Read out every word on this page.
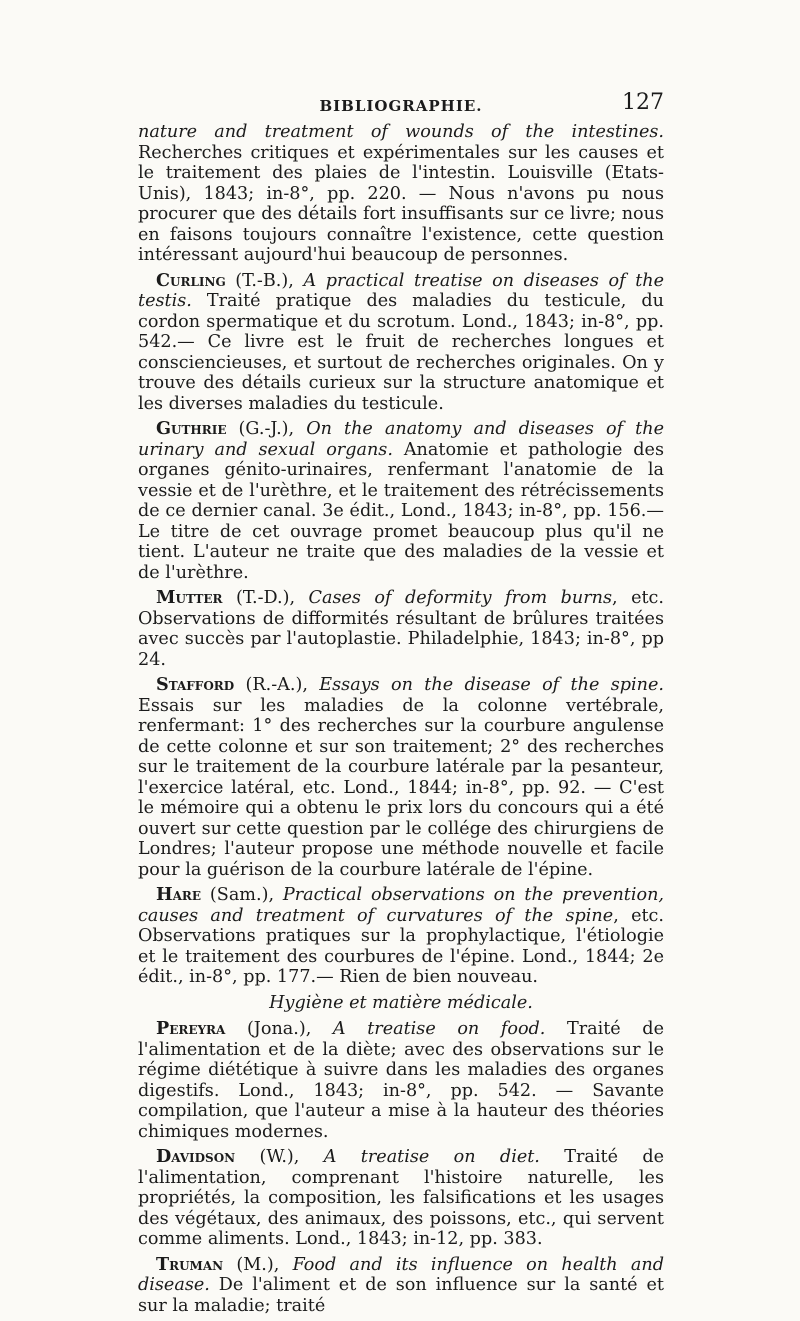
BIBLIOGRAPHIE.	127

nature and treatment of wounds of the intestines. Recherches critiques et expérimentales sur les causes et le traitement des plaies de l'intestin. Louisville (Etats-Unis), 1843; in-8°, pp. 220. — Nous n'avons pu nous procurer que des détails fort insuffisants sur ce livre; nous en faisons toujours connaître l'existence, cette question intéressant aujourd'hui beaucoup de personnes.

Curling (T.-B.), A practical treatise on diseases of the testis. Traité pratique des maladies du testicule, du cordon spermatique et du scrotum. Lond., 1843; in-8°, pp. 542.— Ce livre est le fruit de recherches longues et consciencieuses, et surtout de recherches originales. On y trouve des détails curieux sur la structure anatomique et les diverses maladies du testicule.

Guthrie (G.-J.), On the anatomy and diseases of the urinary and sexual organs. Anatomie et pathologie des organes génito-urinaires, renfermant l'anatomie de la vessie et de l'urèthre, et le traitement des rétrécissements de ce dernier canal. 3e édit., Lond., 1843; in-8°, pp. 156.— Le titre de cet ouvrage promet beaucoup plus qu'il ne tient. L'auteur ne traite que des maladies de la vessie et de l'urèthre.

Mutter (T.-D.), Cases of deformity from burns, etc. Observations de difformités résultant de brûlures traitées avec succès par l'autoplastie. Philadelphie, 1843; in-8°, pp 24.

Stafford (R.-A.), Essays on the disease of the spine. Essais sur les maladies de la colonne vertébrale, renfermant: 1° des recherches sur la courbure angulense de cette colonne et sur son traitement; 2° des recherches sur le traitement de la courbure latérale par la pesanteur, l'exercice latéral, etc. Lond., 1844; in-8°, pp. 92. — C'est le mémoire qui a obtenu le prix lors du concours qui a été ouvert sur cette question par le collége des chirurgiens de Londres; l'auteur propose une méthode nouvelle et facile pour la guérison de la courbure latérale de l'épine.

Hare (Sam.), Practical observations on the prevention, causes and treatment of curvatures of the spine, etc. Observations pratiques sur la prophylactique, l'étiologie et le traitement des courbures de l'épine. Lond., 1844; 2e édit., in-8°, pp. 177.— Rien de bien nouveau.

Hygiène et matière médicale.

Pereyra (Jona.), A treatise on food. Traité de l'alimentation et de la diète; avec des observations sur le régime diététique à suivre dans les maladies des organes digestifs. Lond., 1843; in-8°, pp. 542. — Savante compilation, que l'auteur a mise à la hauteur des théories chimiques modernes.

Davidson (W.), A treatise on diet. Traité de l'alimentation, comprenant l'histoire naturelle, les propriétés, la composition, les falsifications et les usages des végétaux, des animaux, des poissons, etc., qui servent comme aliments. Lond., 1843; in-12, pp. 383.

Truman (M.), Food and its influence on health and disease. De l'aliment et de son influence sur la santé et sur la maladie; traité
